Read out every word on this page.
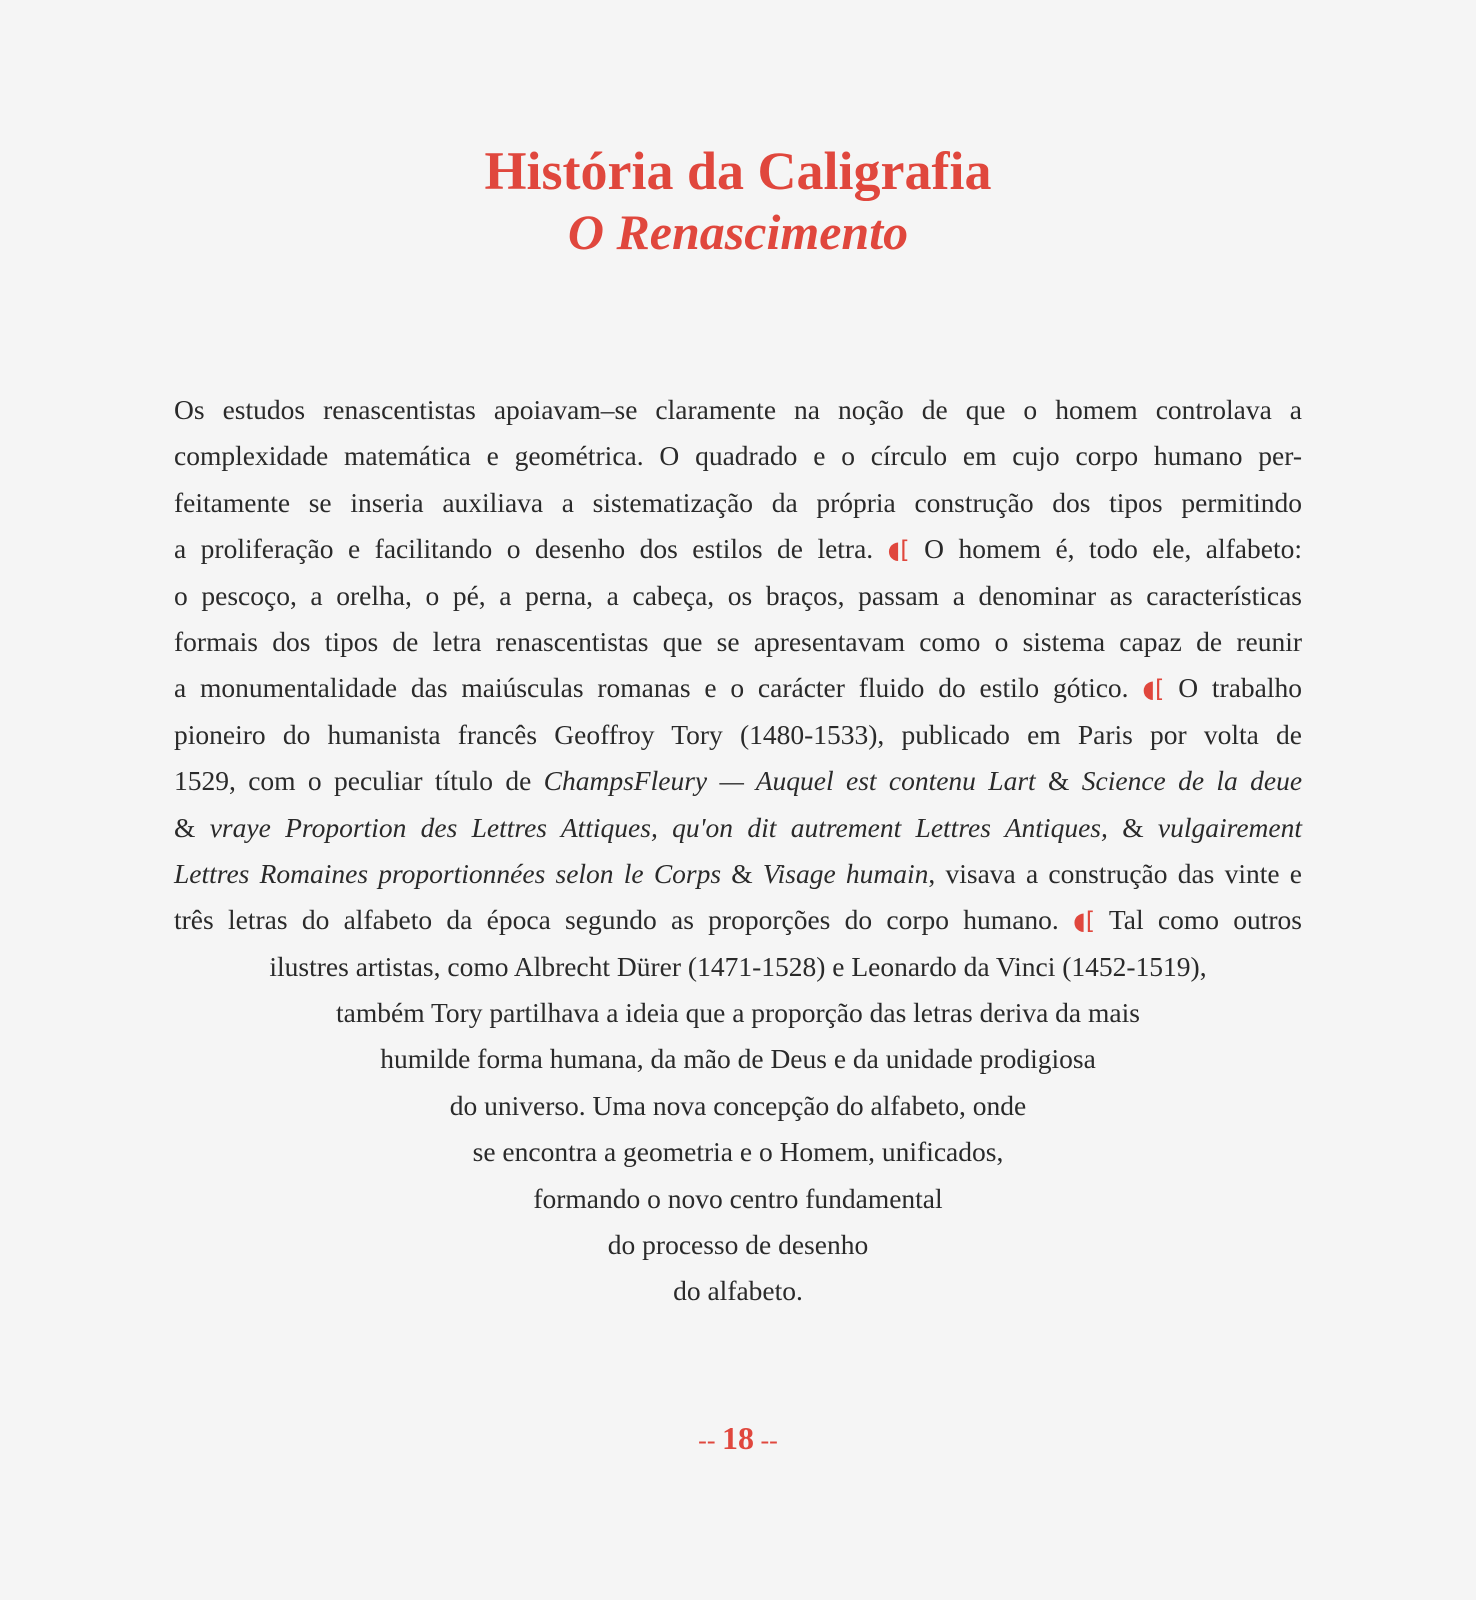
História da Caligrafia
O Renascimento
Os estudos renascentistas apoiavam–se claramente na noção de que o homem controlava a
complexidade matemática e geométrica. O quadrado e o círculo em cujo corpo humano per-
feitamente se inseria auxiliava a sistematização da própria construção dos tipos permitindo
a proliferação e facilitando o desenho dos estilos de letra. ◖[ O homem é, todo ele, alfabeto:
o pescoço, a orelha, o pé, a perna, a cabeça, os braços, passam a denominar as características
formais dos tipos de letra renascentistas que se apresentavam como o sistema capaz de reunir
a monumentalidade das maiúsculas romanas e o carácter fluido do estilo gótico. ◖[ O trabalho
pioneiro do humanista francês Geoffroy Tory (1480-1533), publicado em Paris por volta de
1529, com o peculiar título de ChampsFleury — Auquel est contenu Lart & Science de la deue
& vraye Proportion des Lettres Attiques, qu'on dit autrement Lettres Antiques, & vulgairement
Lettres Romaines proportionnées selon le Corps & Visage humain, visava a construção das vinte e
três letras do alfabeto da época segundo as proporções do corpo humano. ◖[ Tal como outros
ilustres artistas, como Albrecht Dürer (1471-1528) e Leonardo da Vinci (1452-1519),
também Tory partilhava a ideia que a proporção das letras deriva da mais
humilde forma humana, da mão de Deus e da unidade prodigiosa
do universo. Uma nova concepção do alfabeto, onde
se encontra a geometria e o Homem, unificados,
formando o novo centro fundamental
do processo de desenho
do alfabeto.
-- 18 --
